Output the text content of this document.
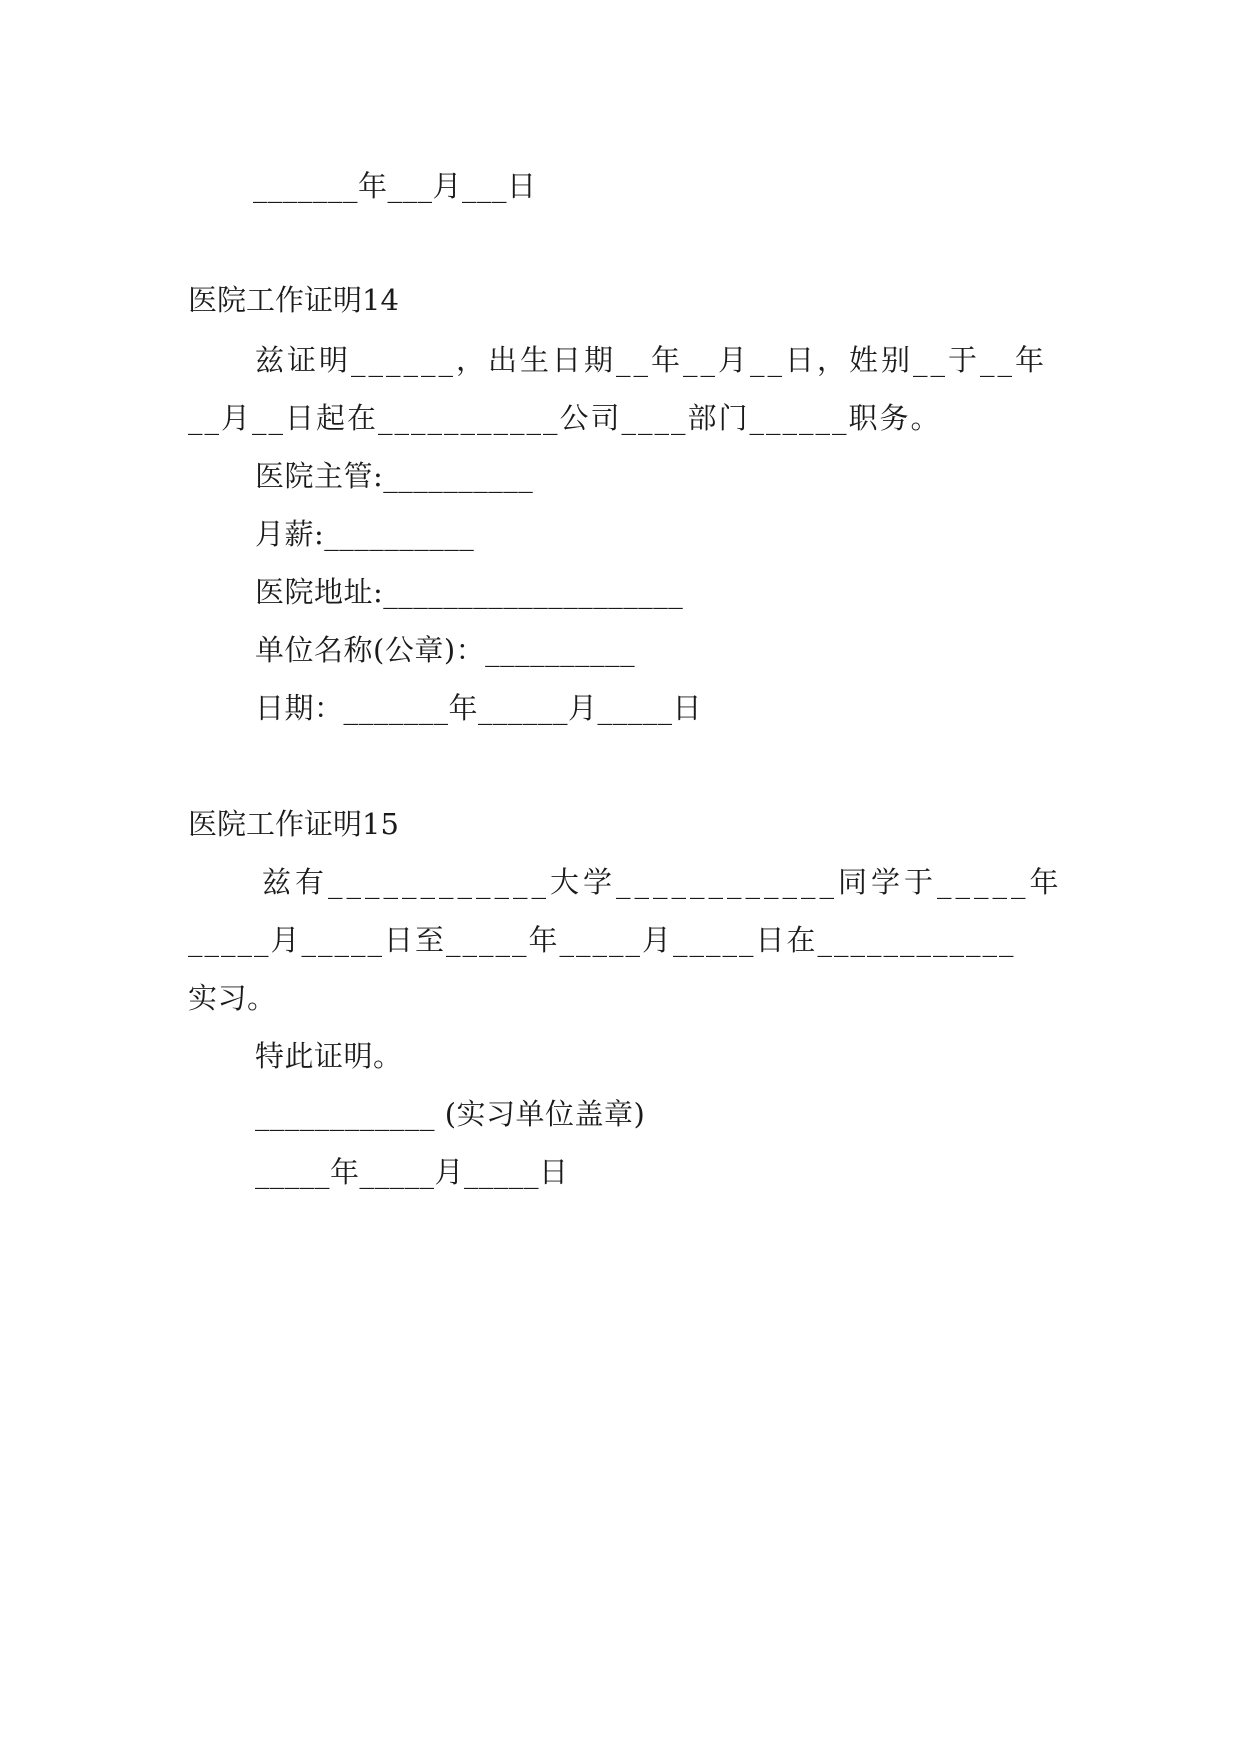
_______年___月___日
医院工作证明14
兹证明______，出生日期__年__月__日，姓别__于__年
__月__日起在___________公司____部门______职务。
医院主管:__________
月薪:__________
医院地址:____________________
单位名称(公章)：__________
日期：_______年______月_____日
医院工作证明15
兹有____________大学____________同学于_____年
_____月_____日至_____年_____月_____日在____________
实习。
特此证明。
____________ (实习单位盖章)
_____年_____月_____日
